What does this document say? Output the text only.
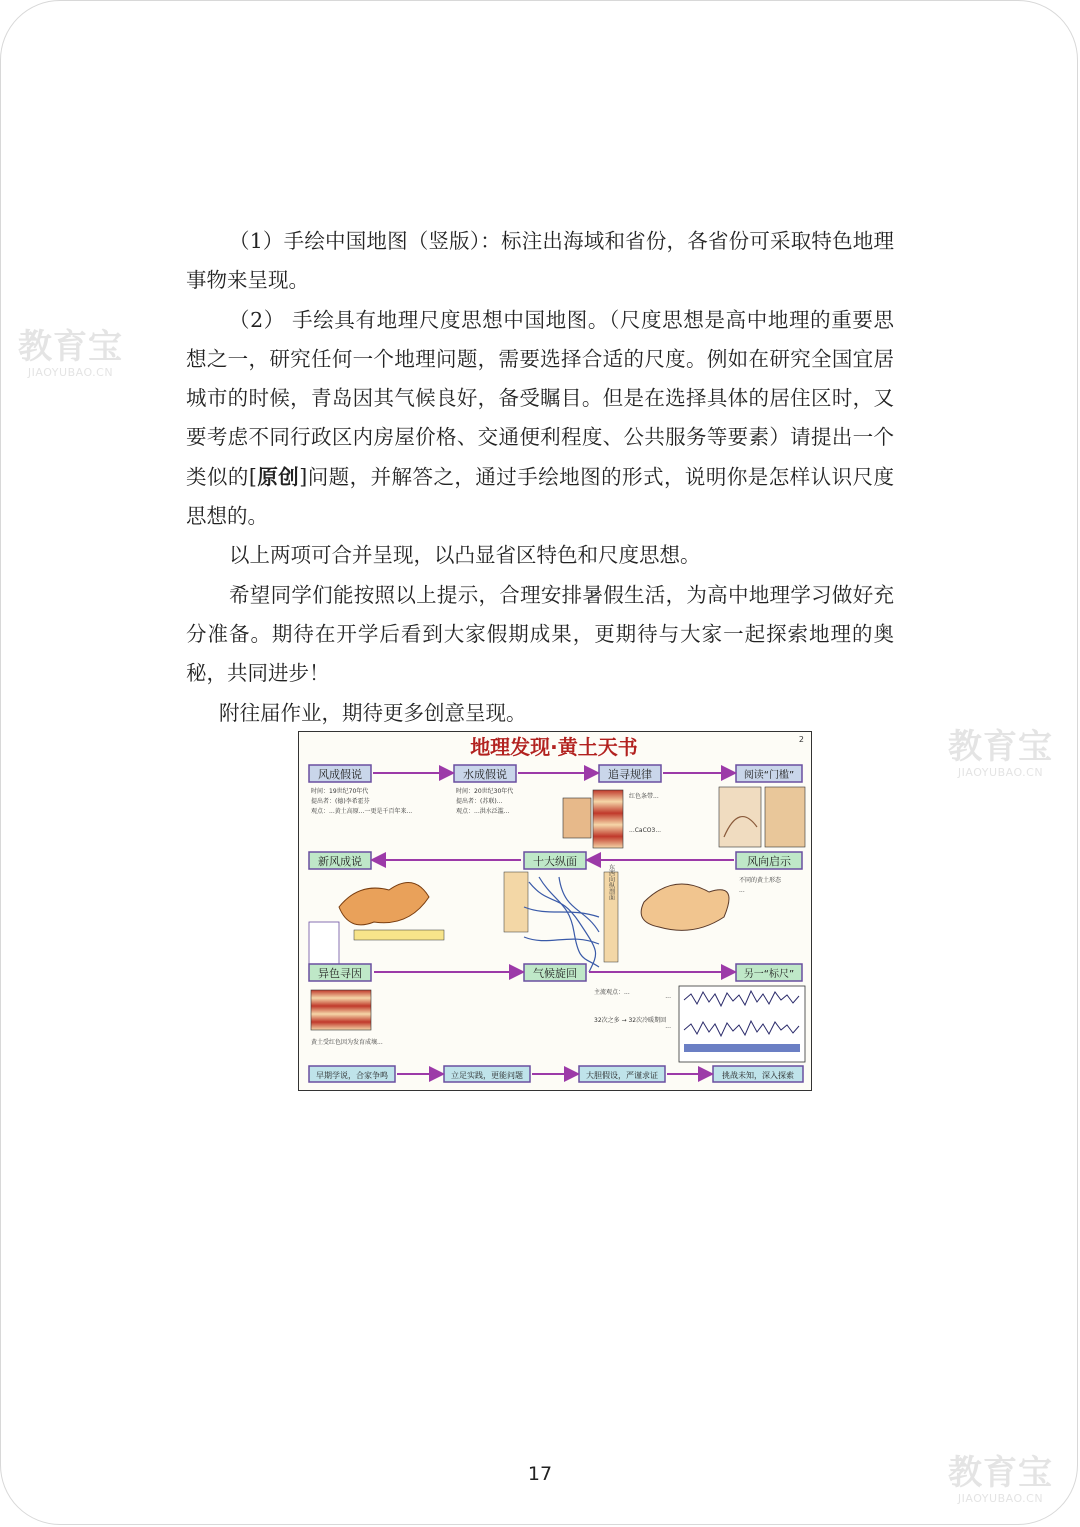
教育宝
JIAOYUBAO.CN
教育宝
JIAOYUBAO.CN
教育宝
JIAOYUBAO.CN

（1）手绘中国地图（竖版）：标注出海域和省份，各省份可采取特色地理事物来呈现。

（2） 手绘具有地理尺度思想中国地图。（尺度思想是高中地理的重要思想之一，研究任何一个地理问题，需要选择合适的尺度。例如在研究全国宜居城市的时候，青岛因其气候良好，备受瞩目。但是在选择具体的居住区时，又要考虑不同行政区内房屋价格、交通便利程度、公共服务等要素）请提出一个类似的[原创]问题，并解答之，通过手绘地图的形式，说明你是怎样认识尺度思想的。

以上两项可合并呈现，以凸显省区特色和尺度思想。

希望同学们能按照以上提示，合理安排暑假生活，为高中地理学习做好充分准备。期待在开学后看到大家假期成果，更期待与大家一起探索地理的奥秘，共同进步！

附往届作业，期待更多创意呈现。

地理发现·黄土天书	2
风成假说	水成假说	追寻规律	阅读“门槛”
时间：19世纪70年代
提出者：(德)李希霍芬
观点：...黄土高原...一更是千百年来...
时间：20世纪30年代
提出者：(苏联)...
观点：...洪水泛滥...
红色条带...
...CaCO3...
新风成说	十大纵面	风向启示
东西向纵剖面	不同的黄土形态
...
异色寻因	气候旋回	另一“标尺”
黄土受红色因为发育成壤...
主流观点：...
32次之多 → 32次冷暖期回
...
...
早期学说，合家争鸣	立足实践，更能问题	大胆假设，严谨求证	挑战未知，深入探索
17
